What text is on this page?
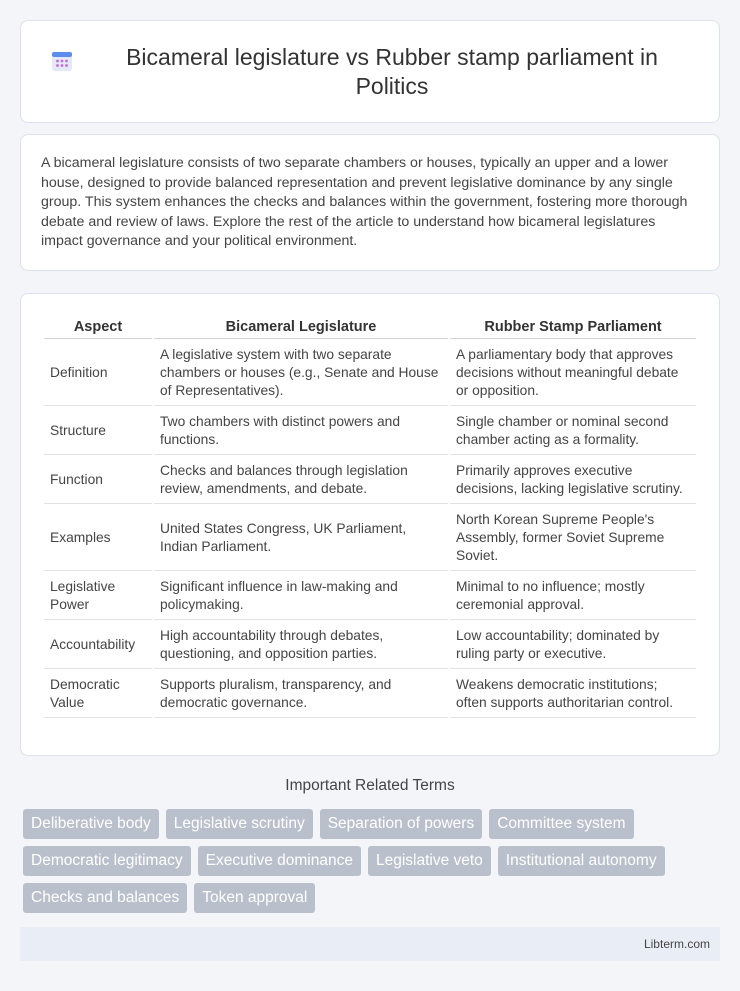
Bicameral legislature vs Rubber stamp parliament in Politics

A bicameral legislature consists of two separate chambers or houses, typically an upper and a lower house, designed to provide balanced representation and prevent legislative dominance by any single group. This system enhances the checks and balances within the government, fostering more thorough debate and review of laws. Explore the rest of the article to understand how bicameral legislatures impact governance and your political environment.

Aspect	Bicameral Legislature	Rubber Stamp Parliament
Definition	A legislative system with two separate chambers or houses (e.g., Senate and House of Representatives).	A parliamentary body that approves decisions without meaningful debate or opposition.
Structure	Two chambers with distinct powers and functions.	Single chamber or nominal second chamber acting as a formality.
Function	Checks and balances through legislation review, amendments, and debate.	Primarily approves executive decisions, lacking legislative scrutiny.
Examples	United States Congress, UK Parliament, Indian Parliament.	North Korean Supreme People's Assembly, former Soviet Supreme Soviet.
Legislative Power	Significant influence in law-making and policymaking.	Minimal to no influence; mostly ceremonial approval.
Accountability	High accountability through debates, questioning, and opposition parties.	Low accountability; dominated by ruling party or executive.
Democratic Value	Supports pluralism, transparency, and democratic governance.	Weakens democratic institutions; often supports authoritarian control.
Important Related Terms
Deliberative body	Legislative scrutiny	Separation of powers	Committee system
Democratic legitimacy	Executive dominance	Legislative veto	Institutional autonomy
Checks and balances	Token approval
Libterm.com
